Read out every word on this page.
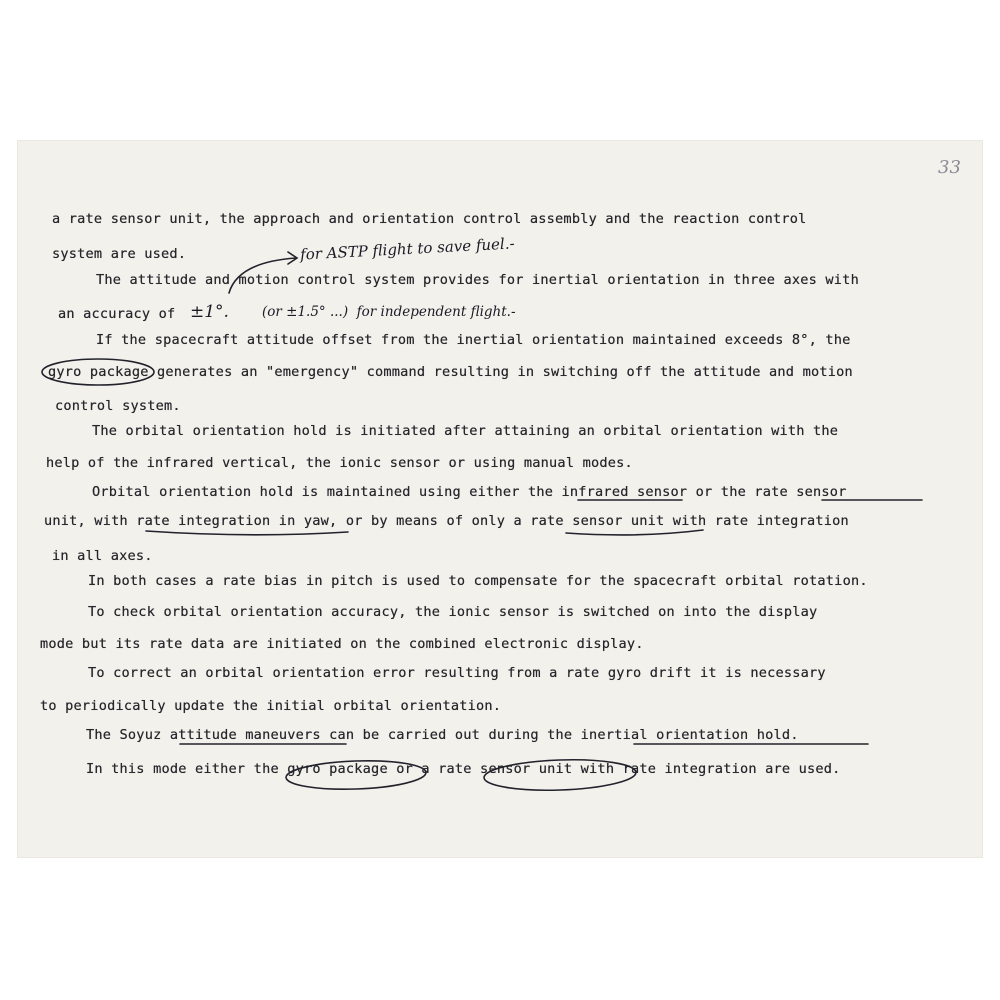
33
a rate sensor unit, the approach and orientation control assembly and the reaction control
system are used.
The attitude and motion control system provides for inertial orientation in three axes with
an accuracy of
If the spacecraft attitude offset from the inertial orientation maintained exceeds 8°, the
gyro package generates an "emergency" command resulting in switching off the attitude and motion
control system.
The orbital orientation hold is initiated after attaining an orbital orientation with the
help of the infrared vertical, the ionic sensor or using manual modes.
Orbital orientation hold is maintained using either the infrared sensor or the rate sensor
unit, with rate integration in yaw, or by means of only a rate sensor unit with rate integration
in all axes.
In both cases a rate bias in pitch is used to compensate for the spacecraft orbital rotation.
To check orbital orientation accuracy, the ionic sensor is switched on into the display
mode but its rate data are initiated on the combined electronic display.
To correct an orbital orientation error resulting from a rate gyro drift it is necessary
to periodically update the initial orbital orientation.
The Soyuz attitude maneuvers can be carried out during the inertial orientation hold.
In this mode either the gyro package or a rate sensor unit with rate integration are used.
for ASTP flight to save fuel.-
±1°. (or ±1.5° ...)  for independent flight.-
